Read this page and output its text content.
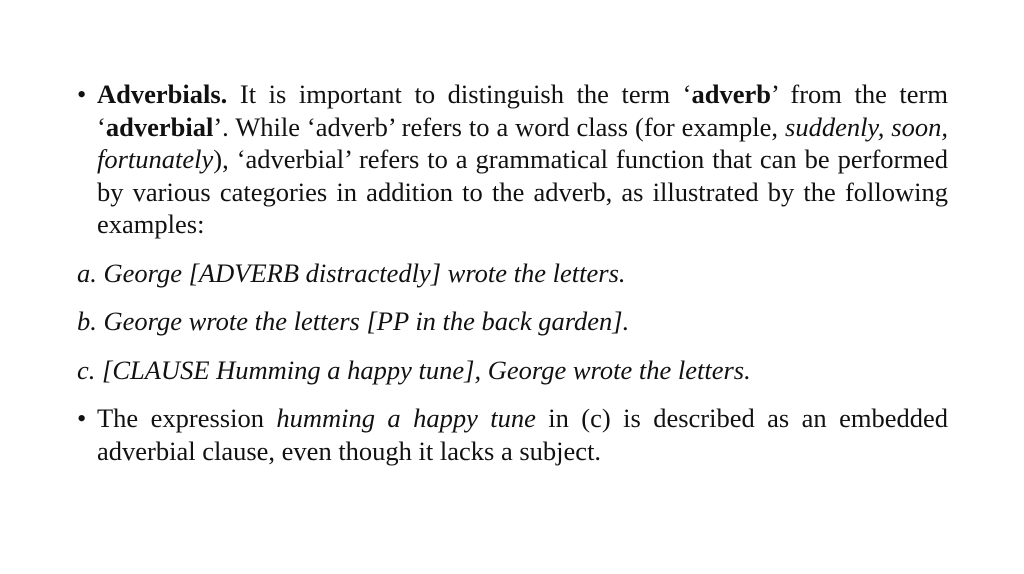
• Adverbials. It is important to distinguish the term ‘adverb’ from the term ‘adverbial’. While ‘adverb’ refers to a word class (for example, suddenly, soon, fortunately), ‘adverbial’ refers to a grammatical function that can be performed by various categories in addition to the adverb, as illustrated by the following examples:
a. George [ADVERB distractedly] wrote the letters.
b. George wrote the letters [PP in the back garden].
c. [CLAUSE Humming a happy tune], George wrote the letters.
• The expression humming a happy tune in (c) is described as an embedded adverbial clause, even though it lacks a subject.
